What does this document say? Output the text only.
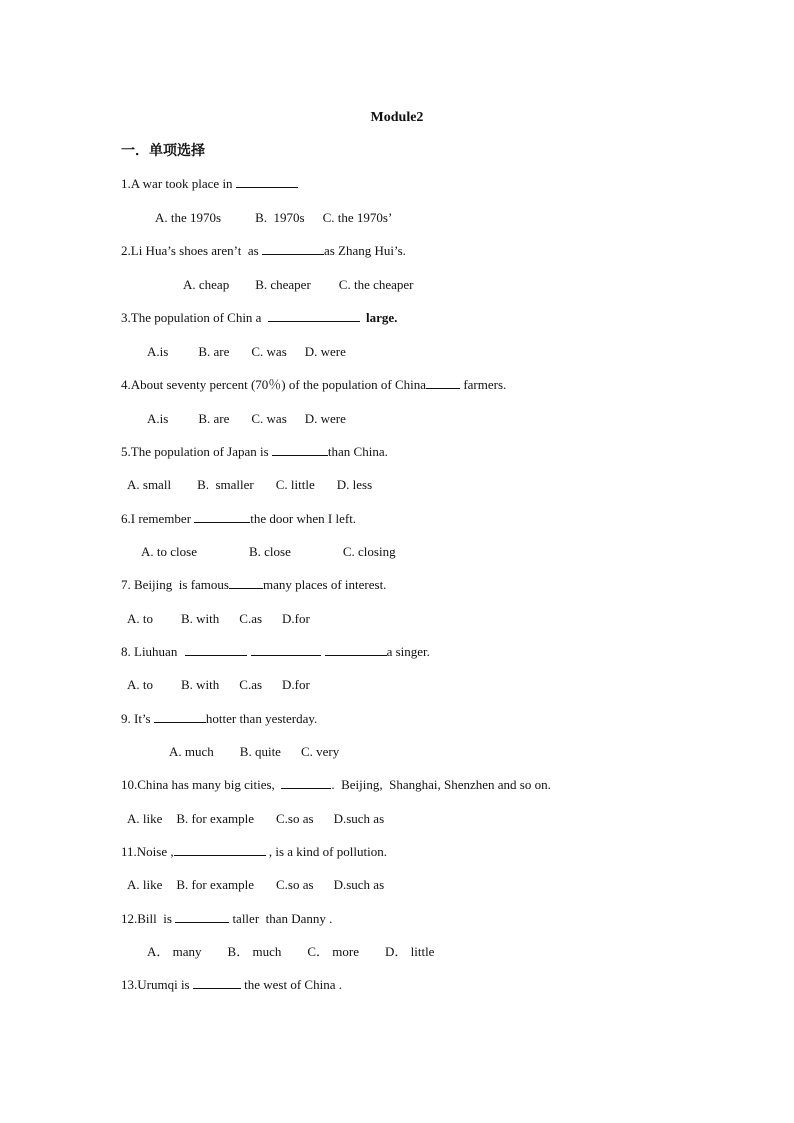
Module2
一．单项选择
1.A war took place in
A. the 1970s	B.  1970s C. the 1970s’
2.Li Hua’s shoes aren’t  as	as Zhang Hui’s.
A. cheap B. cheaper C. the cheaper
3.The population of Chin a	large.
A.is B. are C. was D. were
4.About seventy percent (70％) of the population of China	farmers.
A.is B. are C. was D. were
5.The population of Japan is	than China.
A. small B.  smaller C. little D. less
6.I remember	the door when I left.
A. to close	B. close	C. closing
7. Beijing  is famous	many places of interest.
A. to B. with C.as D.for
8. Liuhuan	a singer.
A. to B. with C.as D.for
9. It’s	hotter than yesterday.
A. much B. quite C. very
10.China has many big cities,	.  Beijing,  Shanghai, Shenzhen and so on.
A. like B. for example C.so as D.such as
11.Noise ,	, is a kind of pollution.
A. like B. for example C.so as D.such as
12.Bill  is	taller  than Danny .
A． many B． much C． more D． little
13.Urumqi is	the west of China .
